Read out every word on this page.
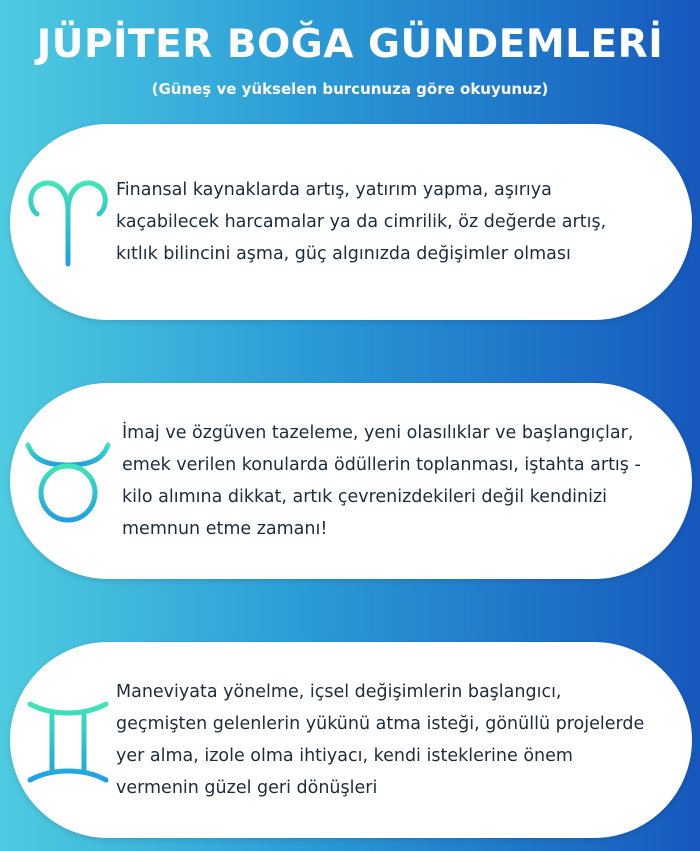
JÜPİTER BOĞA GÜNDEMLERİ
(Güneş ve yükselen burcunuza göre okuyunuz)
Finansal kaynaklarda artış, yatırım yapma, aşırıya kaçabilecek harcamalar ya da cimrilik, öz değerde artış, kıtlık bilincini aşma, güç algınızda değişimler olması
İmaj ve özgüven tazeleme, yeni olasılıklar ve başlangıçlar, emek verilen konularda ödüllerin toplanması, iştahta artış - kilo alımına dikkat, artık çevrenizdekileri değil kendinizi memnun etme zamanı!
Maneviyata yönelme, içsel değişimlerin başlangıcı, geçmişten gelenlerin yükünü atma isteği, gönüllü projelerde yer alma, izole olma ihtiyacı, kendi isteklerine önem vermenin güzel geri dönüşleri
